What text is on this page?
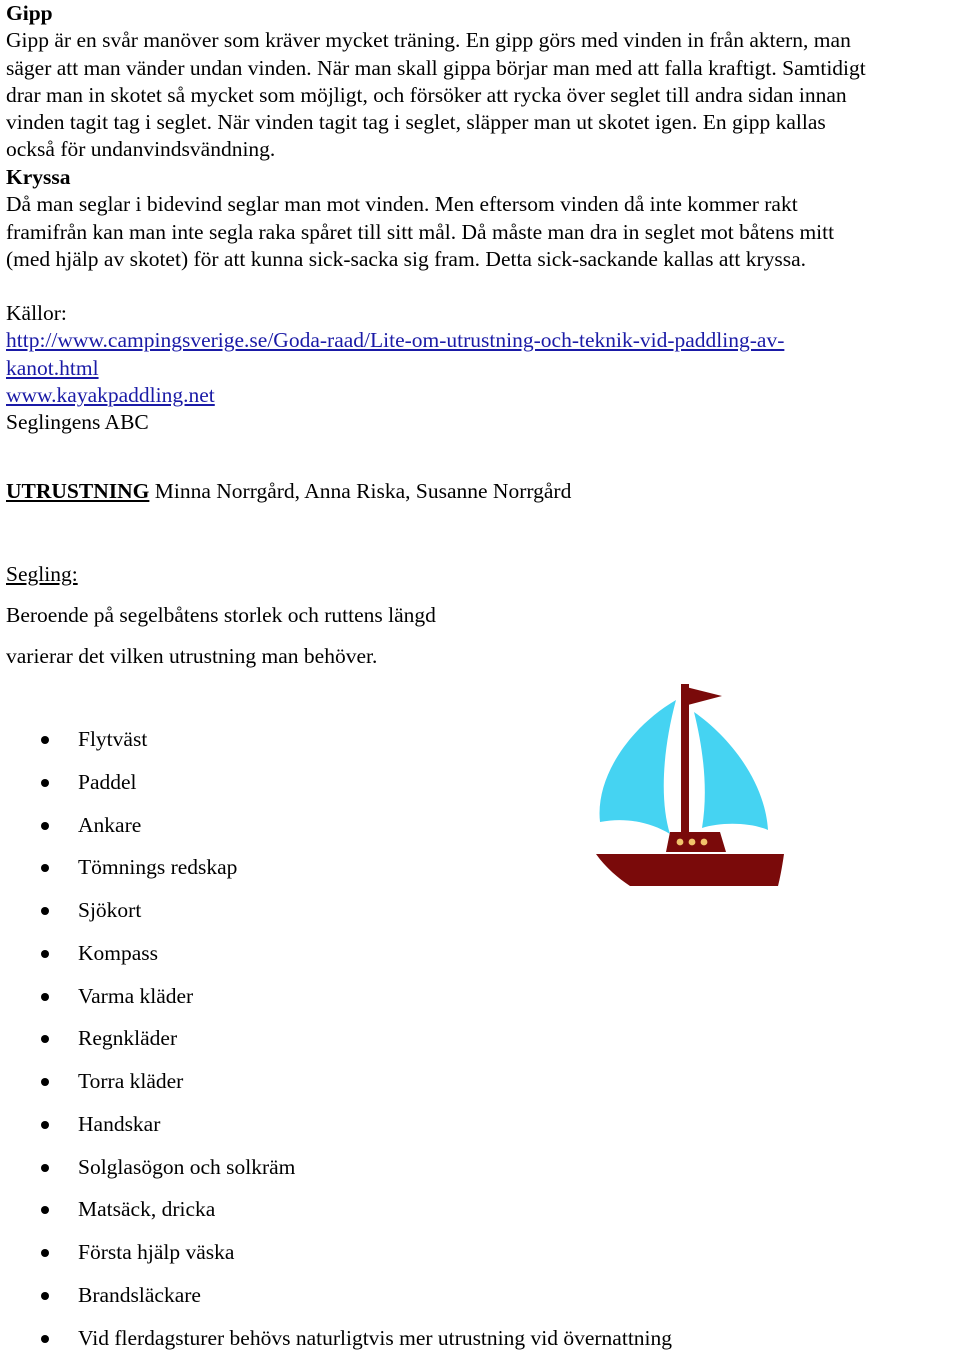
Gipp
Gipp är en svår manöver som kräver mycket träning. En gipp görs med vinden in från aktern, man
säger att man vänder undan vinden. När man skall gippa börjar man med att falla kraftigt. Samtidigt
drar man in skotet så mycket som möjligt, och försöker att rycka över seglet till andra sidan innan
vinden tagit tag i seglet. När vinden tagit tag i seglet, släpper man ut skotet igen. En gipp kallas
också för undanvindsvändning.
Kryssa
Då man seglar i bidevind seglar man mot vinden. Men eftersom vinden då inte kommer rakt
framifrån kan man inte segla raka spåret till sitt mål. Då måste man dra in seglet mot båtens mitt
(med hjälp av skotet) för att kunna sick-sacka sig fram. Detta sick-sackande kallas att kryssa.
Källor:
http://www.campingsverige.se/Goda-raad/Lite-om-utrustning-och-teknik-vid-paddling-av-
kanot.html
www.kayakpaddling.net
Seglingens ABC
UTRUSTNING Minna Norrgård, Anna Riska, Susanne Norrgård
Segling:
Beroende på segelbåtens storlek och ruttens längd
varierar det vilken utrustning man behöver.
Flytväst
Paddel
Ankare
Tömnings redskap
Sjökort
Kompass
Varma kläder
Regnkläder
Torra kläder
Handskar
Solglasögon och solkräm
Matsäck, dricka
Första hjälp väska
Brandsläckare
Vid flerdagsturer behövs naturligtvis mer utrustning vid övernattning
